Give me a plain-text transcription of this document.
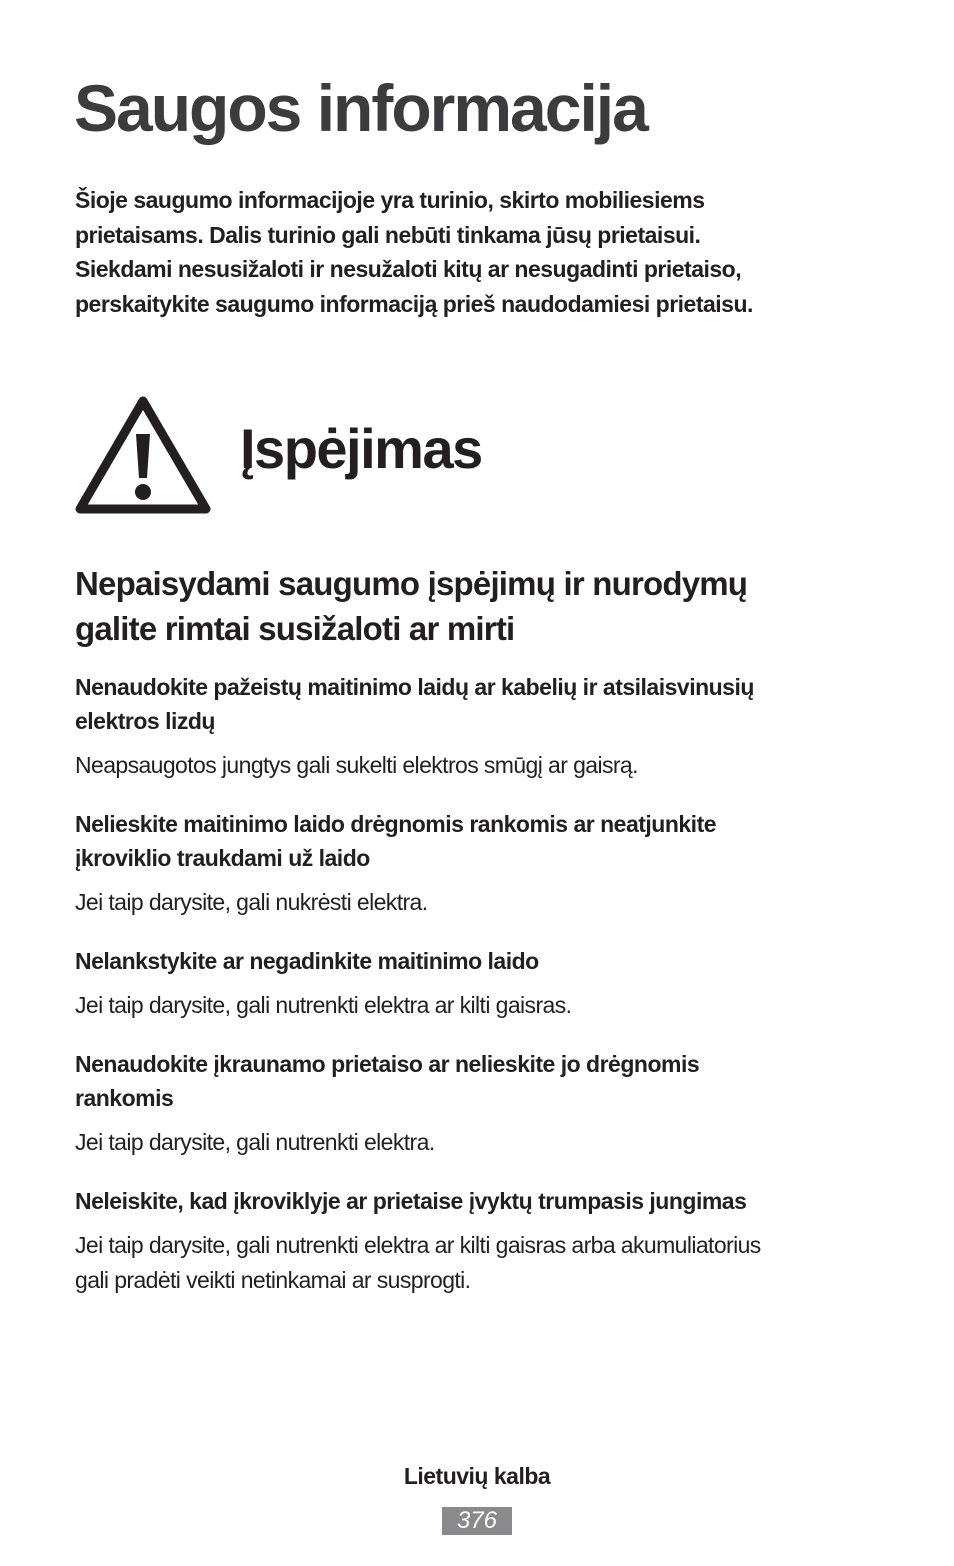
Saugos informacija

Šioje saugumo informacijoje yra turinio, skirto mobiliesiems
prietaisams. Dalis turinio gali nebūti tinkama jūsų prietaisui.
Siekdami nesusižaloti ir nesužaloti kitų ar nesugadinti prietaiso,
perskaitykite saugumo informaciją prieš naudodamiesi prietaisu.

Įspėjimas
Nepaisydami saugumo įspėjimų ir nurodymų
galite rimtai susižaloti ar mirti
Nenaudokite pažeistų maitinimo laidų ar kabelių ir atsilaisvinusių
elektros lizdų

Neapsaugotos jungtys gali sukelti elektros smūgį ar gaisrą.

Nelieskite maitinimo laido drėgnomis rankomis ar neatjunkite
įkroviklio traukdami už laido

Jei taip darysite, gali nukrėsti elektra.

Nelankstykite ar negadinkite maitinimo laido

Jei taip darysite, gali nutrenkti elektra ar kilti gaisras.

Nenaudokite įkraunamo prietaiso ar nelieskite jo drėgnomis
rankomis

Jei taip darysite, gali nutrenkti elektra.

Neleiskite, kad įkroviklyje ar prietaise įvyktų trumpasis jungimas

Jei taip darysite, gali nutrenkti elektra ar kilti gaisras arba akumuliatorius
gali pradėti veikti netinkamai ar susprogti.

Lietuvių kalba
376
